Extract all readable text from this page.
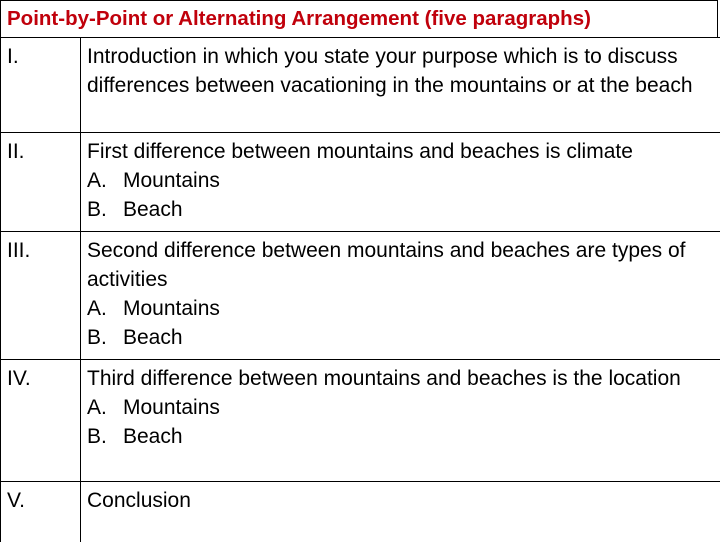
Point-by-Point or Alternating Arrangement (five paragraphs)
I.	Introduction in which you state your purpose which is to discuss differences between vacationing in the mountains or at the beach
II.	First difference between mountains and beaches is climate
A. Mountains
B. Beach

III.	Second difference between mountains and beaches are types of activities
A. Mountains
B. Beach

IV.	Third difference between mountains and beaches is the location
A. Mountains
B. Beach

V.	Conclusion
